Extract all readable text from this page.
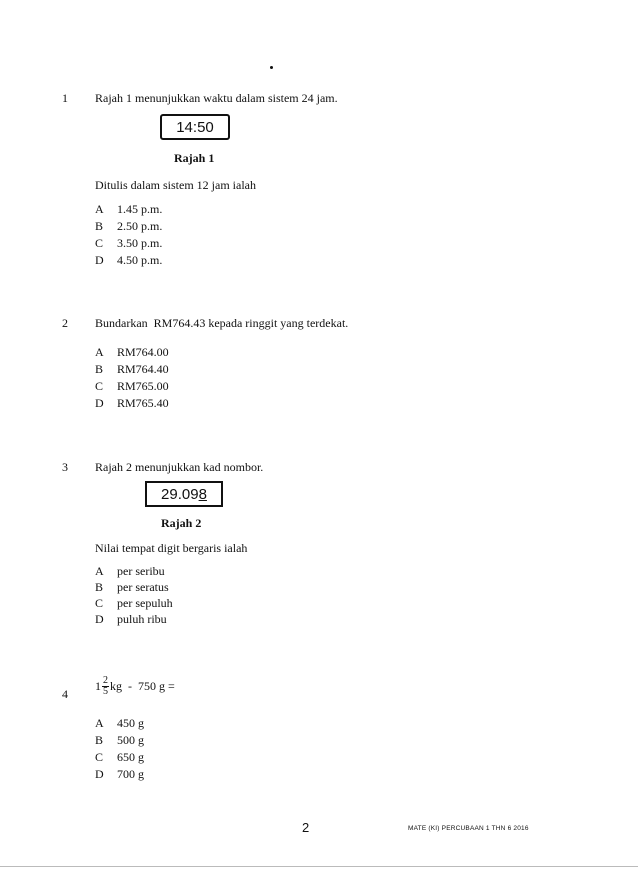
1 Rajah 1 menunjukkan waktu dalam sistem 24 jam.
14:50
Rajah 1
Ditulis dalam sistem 12 jam ialah
A 1.45 p.m.
B 2.50 p.m.
C 3.50 p.m.
D 4.50 p.m.
2 Bundarkan  RM764.43 kepada ringgit yang terdekat.
A RM764.00
B RM764.40
C RM765.00
D RM765.40
3 Rajah 2 menunjukkan kad nombor.
29.098
Rajah 2
Nilai tempat digit bergaris ialah
A per seribu
B per seratus
C per sepuluh
D puluh ribu
4
$1 \frac{2}{5}$ kg  -  750 g =
A 450 g
B 500 g
C 650 g
D 700 g
2	MATE (KI) PERCUBAAN 1 THN 6 2016
